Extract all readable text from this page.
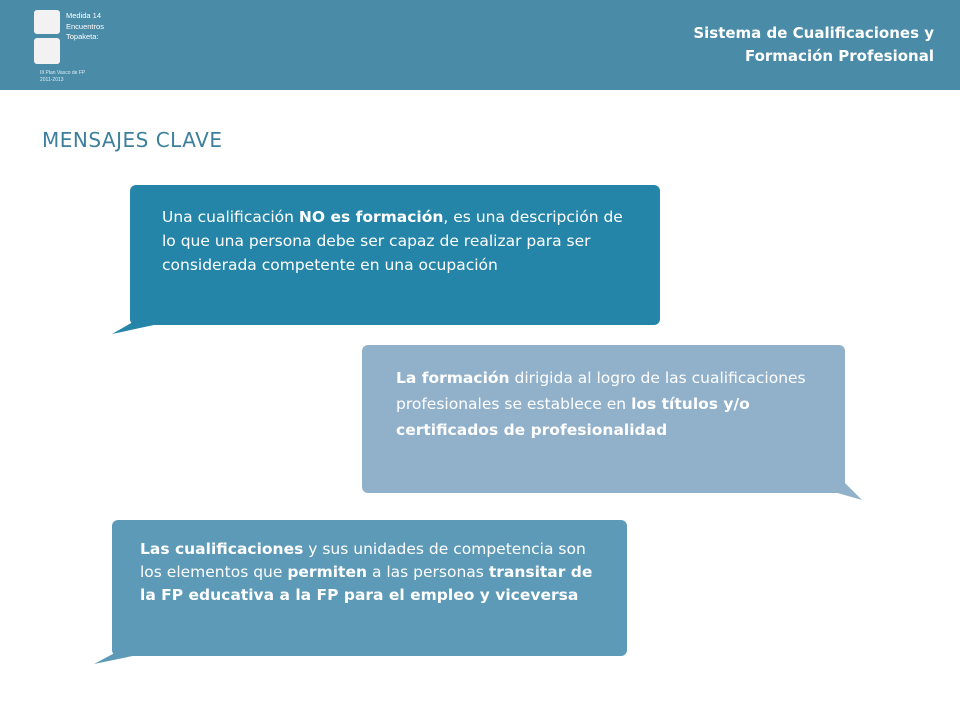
Medida 14
Encuentros
Topaketa:
III Plan Vasco de FP
2011-2013
Sistema de Cualificaciones y
Formación Profesional
MENSAJES CLAVE

Una cualificación NO es formación, es una descripción de lo que una persona debe ser capaz de realizar para ser considerada competente en una ocupación

La formación dirigida al logro de las cualificaciones profesionales se establece en los títulos y/o certificados de profesionalidad

Las cualificaciones y sus unidades de competencia son los elementos que permiten a las personas transitar de la FP educativa a la FP para el empleo y viceversa
